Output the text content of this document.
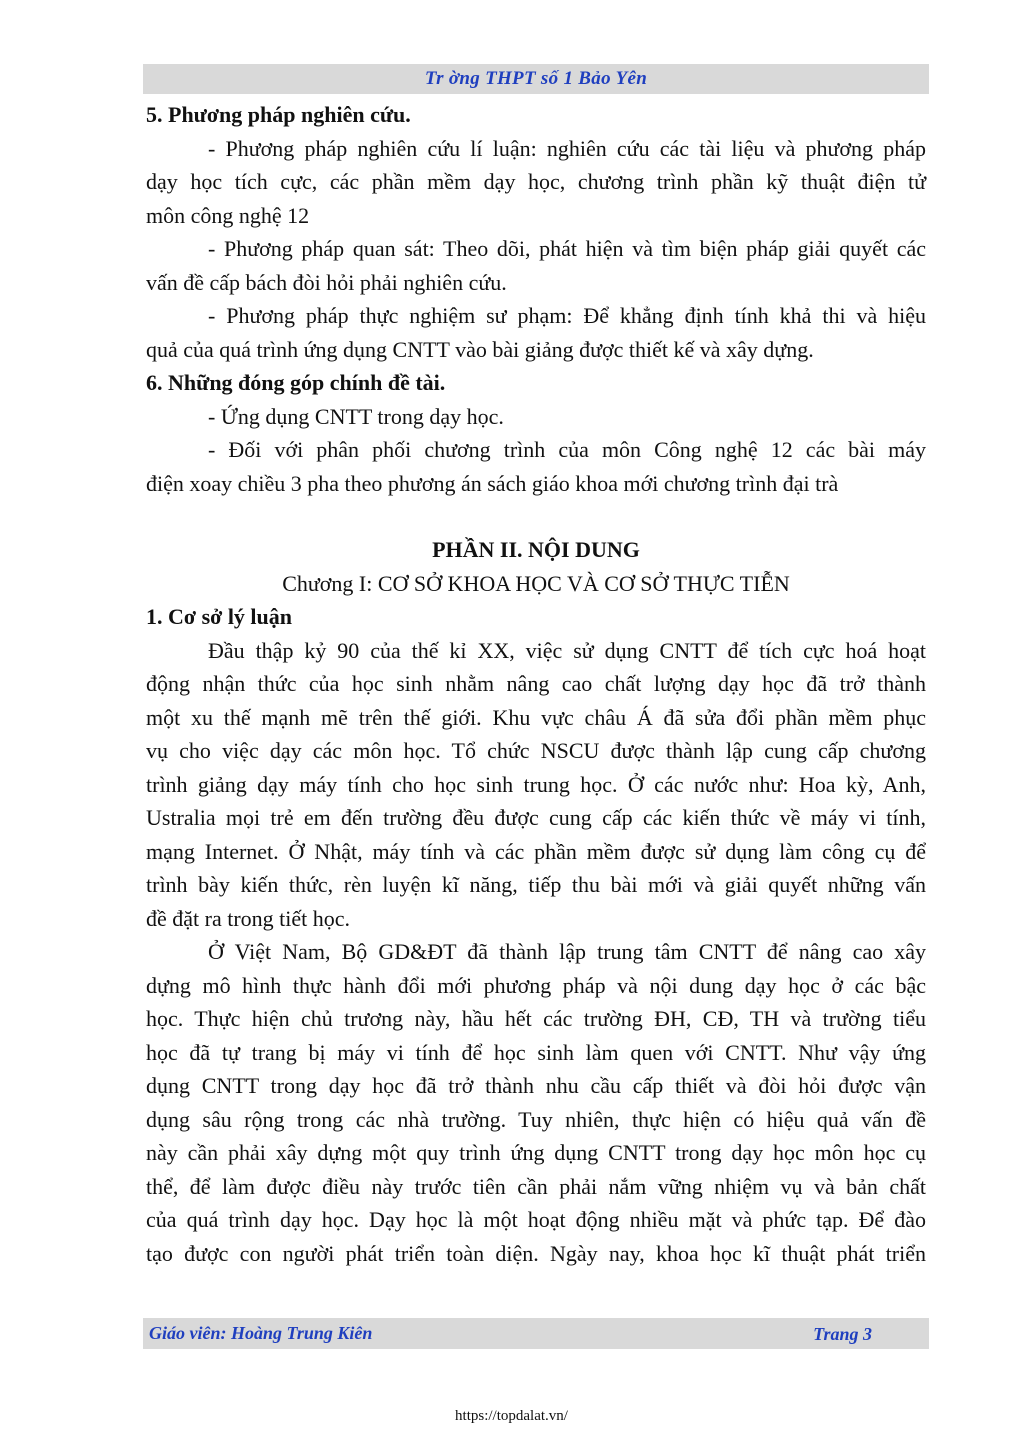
Tr ờng THPT số 1 Bảo Yên
5. Phương pháp nghiên cứu.
- Phương pháp nghiên cứu lí luận: nghiên cứu các tài liệu và phương pháp
dạy học tích cực, các phần mềm dạy học, chương trình phần kỹ thuật điện tử
môn công nghệ 12
- Phương pháp quan sát: Theo dõi, phát hiện và tìm biện pháp giải quyết các
vấn đề cấp bách đòi hỏi phải nghiên cứu.
- Phương pháp thực nghiệm sư phạm: Để khẳng định tính khả thi và hiệu
quả của quá trình ứng dụng CNTT vào bài giảng được thiết kế và xây dựng.
6. Những đóng góp chính đề tài.
- Ứng dụng CNTT trong dạy học.
- Đối với phân phối chương trình của môn Công nghệ 12 các bài máy
điện xoay chiều 3 pha theo phương án sách giáo khoa mới chương trình đại trà
PHẦN II. NỘI DUNG
Chương I: CƠ SỞ KHOA HỌC VÀ CƠ SỞ THỰC TIỄN
1. Cơ sở lý luận
Đầu thập kỷ 90 của thế kỉ XX, việc sử dụng CNTT để tích cực hoá hoạt
động nhận thức của học sinh nhằm nâng cao chất lượng dạy học đã trở thành
một xu thế mạnh mẽ trên thế giới. Khu vực châu Á đã sửa đổi phần mềm phục
vụ cho việc dạy các môn học. Tổ chức NSCU được thành lập cung cấp chương
trình giảng dạy máy tính cho học sinh trung học. Ở các nước như: Hoa kỳ, Anh,
Ustralia mọi trẻ em đến trường đều được cung cấp các kiến thức về máy vi tính,
mạng Internet. Ở Nhật, máy tính và các phần mềm được sử dụng làm công cụ để
trình bày kiến thức, rèn luyện kĩ năng, tiếp thu bài mới và giải quyết những vấn
đề đặt ra trong tiết học.
Ở Việt Nam, Bộ GD&ĐT đã thành lập trung tâm CNTT để nâng cao xây
dựng mô hình thực hành đổi mới phương pháp và nội dung dạy học ở các bậc
học. Thực hiện chủ trương này, hầu hết các trường ĐH, CĐ, TH và trường tiểu
học đã tự trang bị máy vi tính để học sinh làm quen với CNTT. Như vậy ứng
dụng CNTT trong dạy học đã trở thành nhu cầu cấp thiết và đòi hỏi được vận
dụng sâu rộng trong các nhà trường. Tuy nhiên, thực hiện có hiệu quả vấn đề
này cần phải xây dựng một quy trình ứng dụng CNTT trong dạy học môn học cụ
thể, để làm được điều này trước tiên cần phải nắm vững nhiệm vụ và bản chất
của quá trình dạy học. Dạy học là một hoạt động nhiều mặt và phức tạp. Để đào
tạo được con người phát triển toàn diện. Ngày nay, khoa học kĩ thuật phát triển
Giáo viên: Hoàng Trung Kiên	Trang 3
https://topdalat.vn/
